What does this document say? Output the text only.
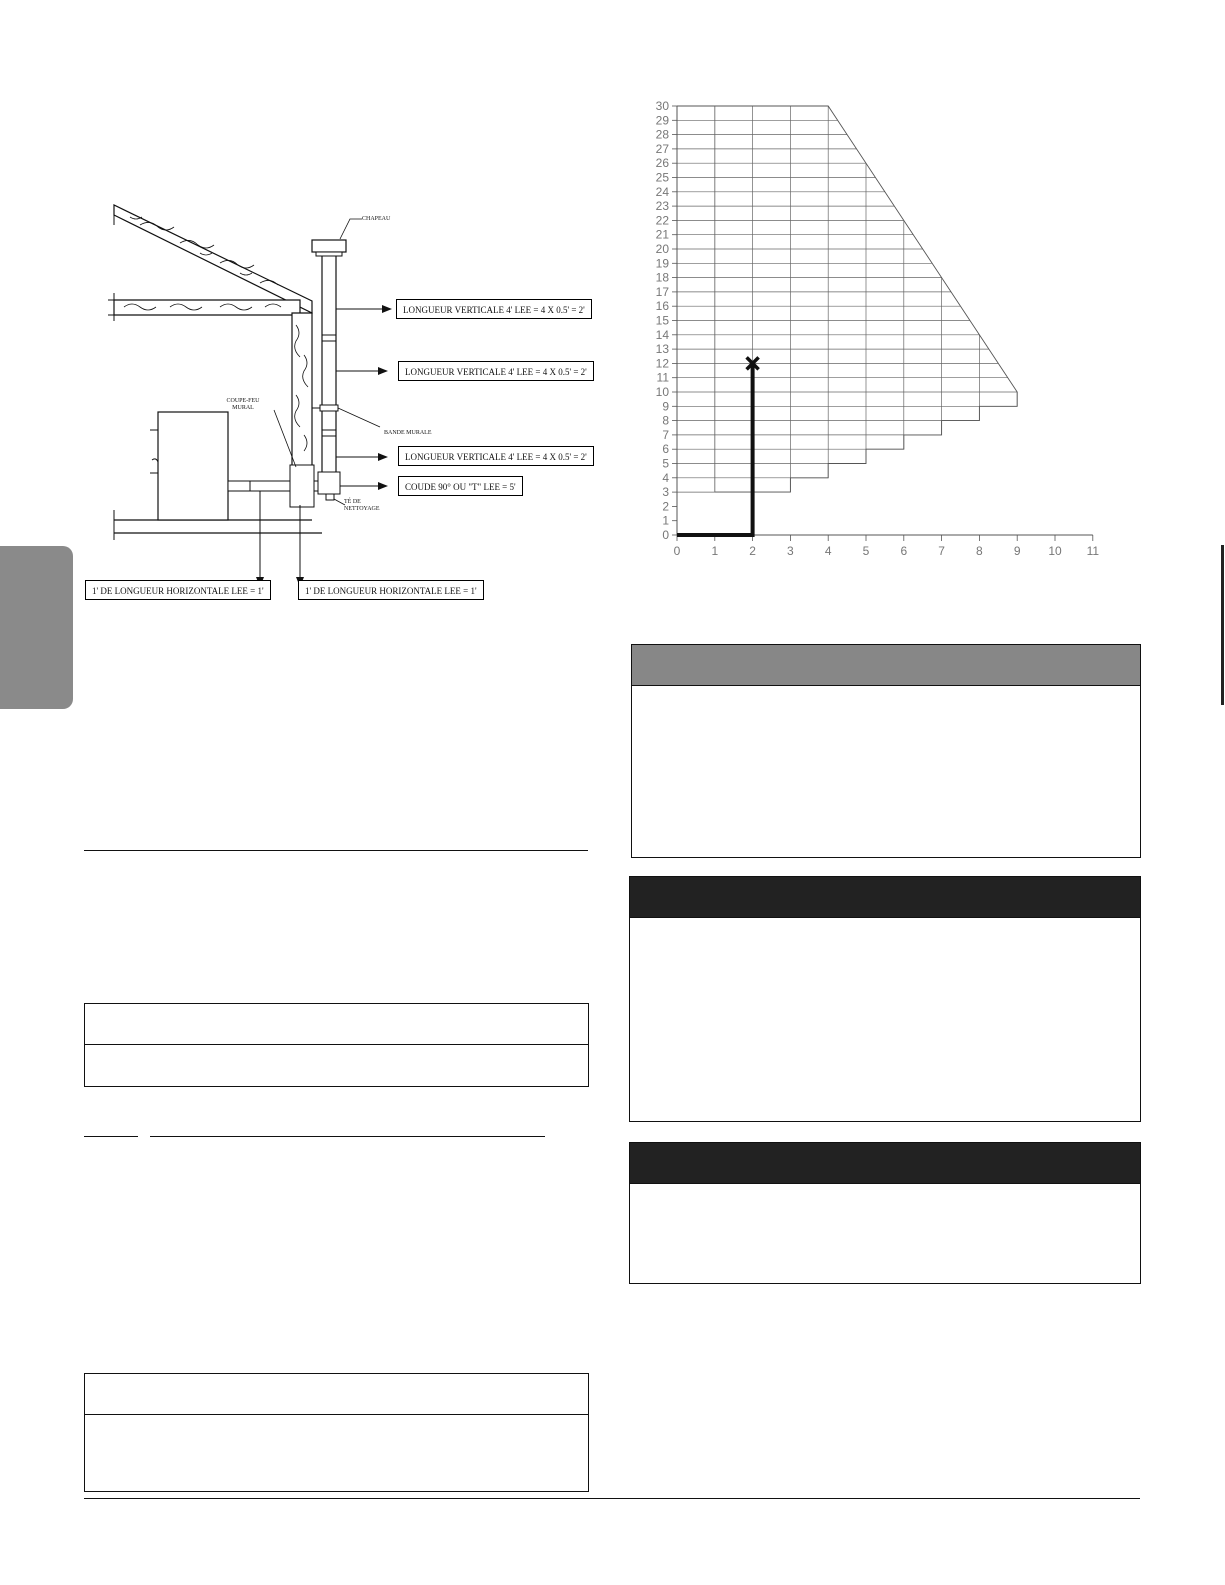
CHAPEAU
LONGUEUR VERTICALE 4' LEE = 4 X 0.5' = 2'
LONGUEUR VERTICALE 4' LEE = 4 X 0.5' = 2'
BANDE MURALE
LONGUEUR VERTICALE 4' LEE = 4 X 0.5' = 2'
COUDE 90° OU "T" LEE = 5'
COUPE-FEU
MURAL
TÉ DE
NETTOYAGE
1' DE LONGUEUR HORIZONTALE LEE = 1'	1' DE LONGUEUR HORIZONTALE LEE = 1'
0	1	2	3	4	5	6	7	8	9 10 11
0
1
2
3
4
5
6
7
8
9
10
11
12
13
14
15
16
17
18
19
20
21
22
23
24
25
26
27
28
29
30
